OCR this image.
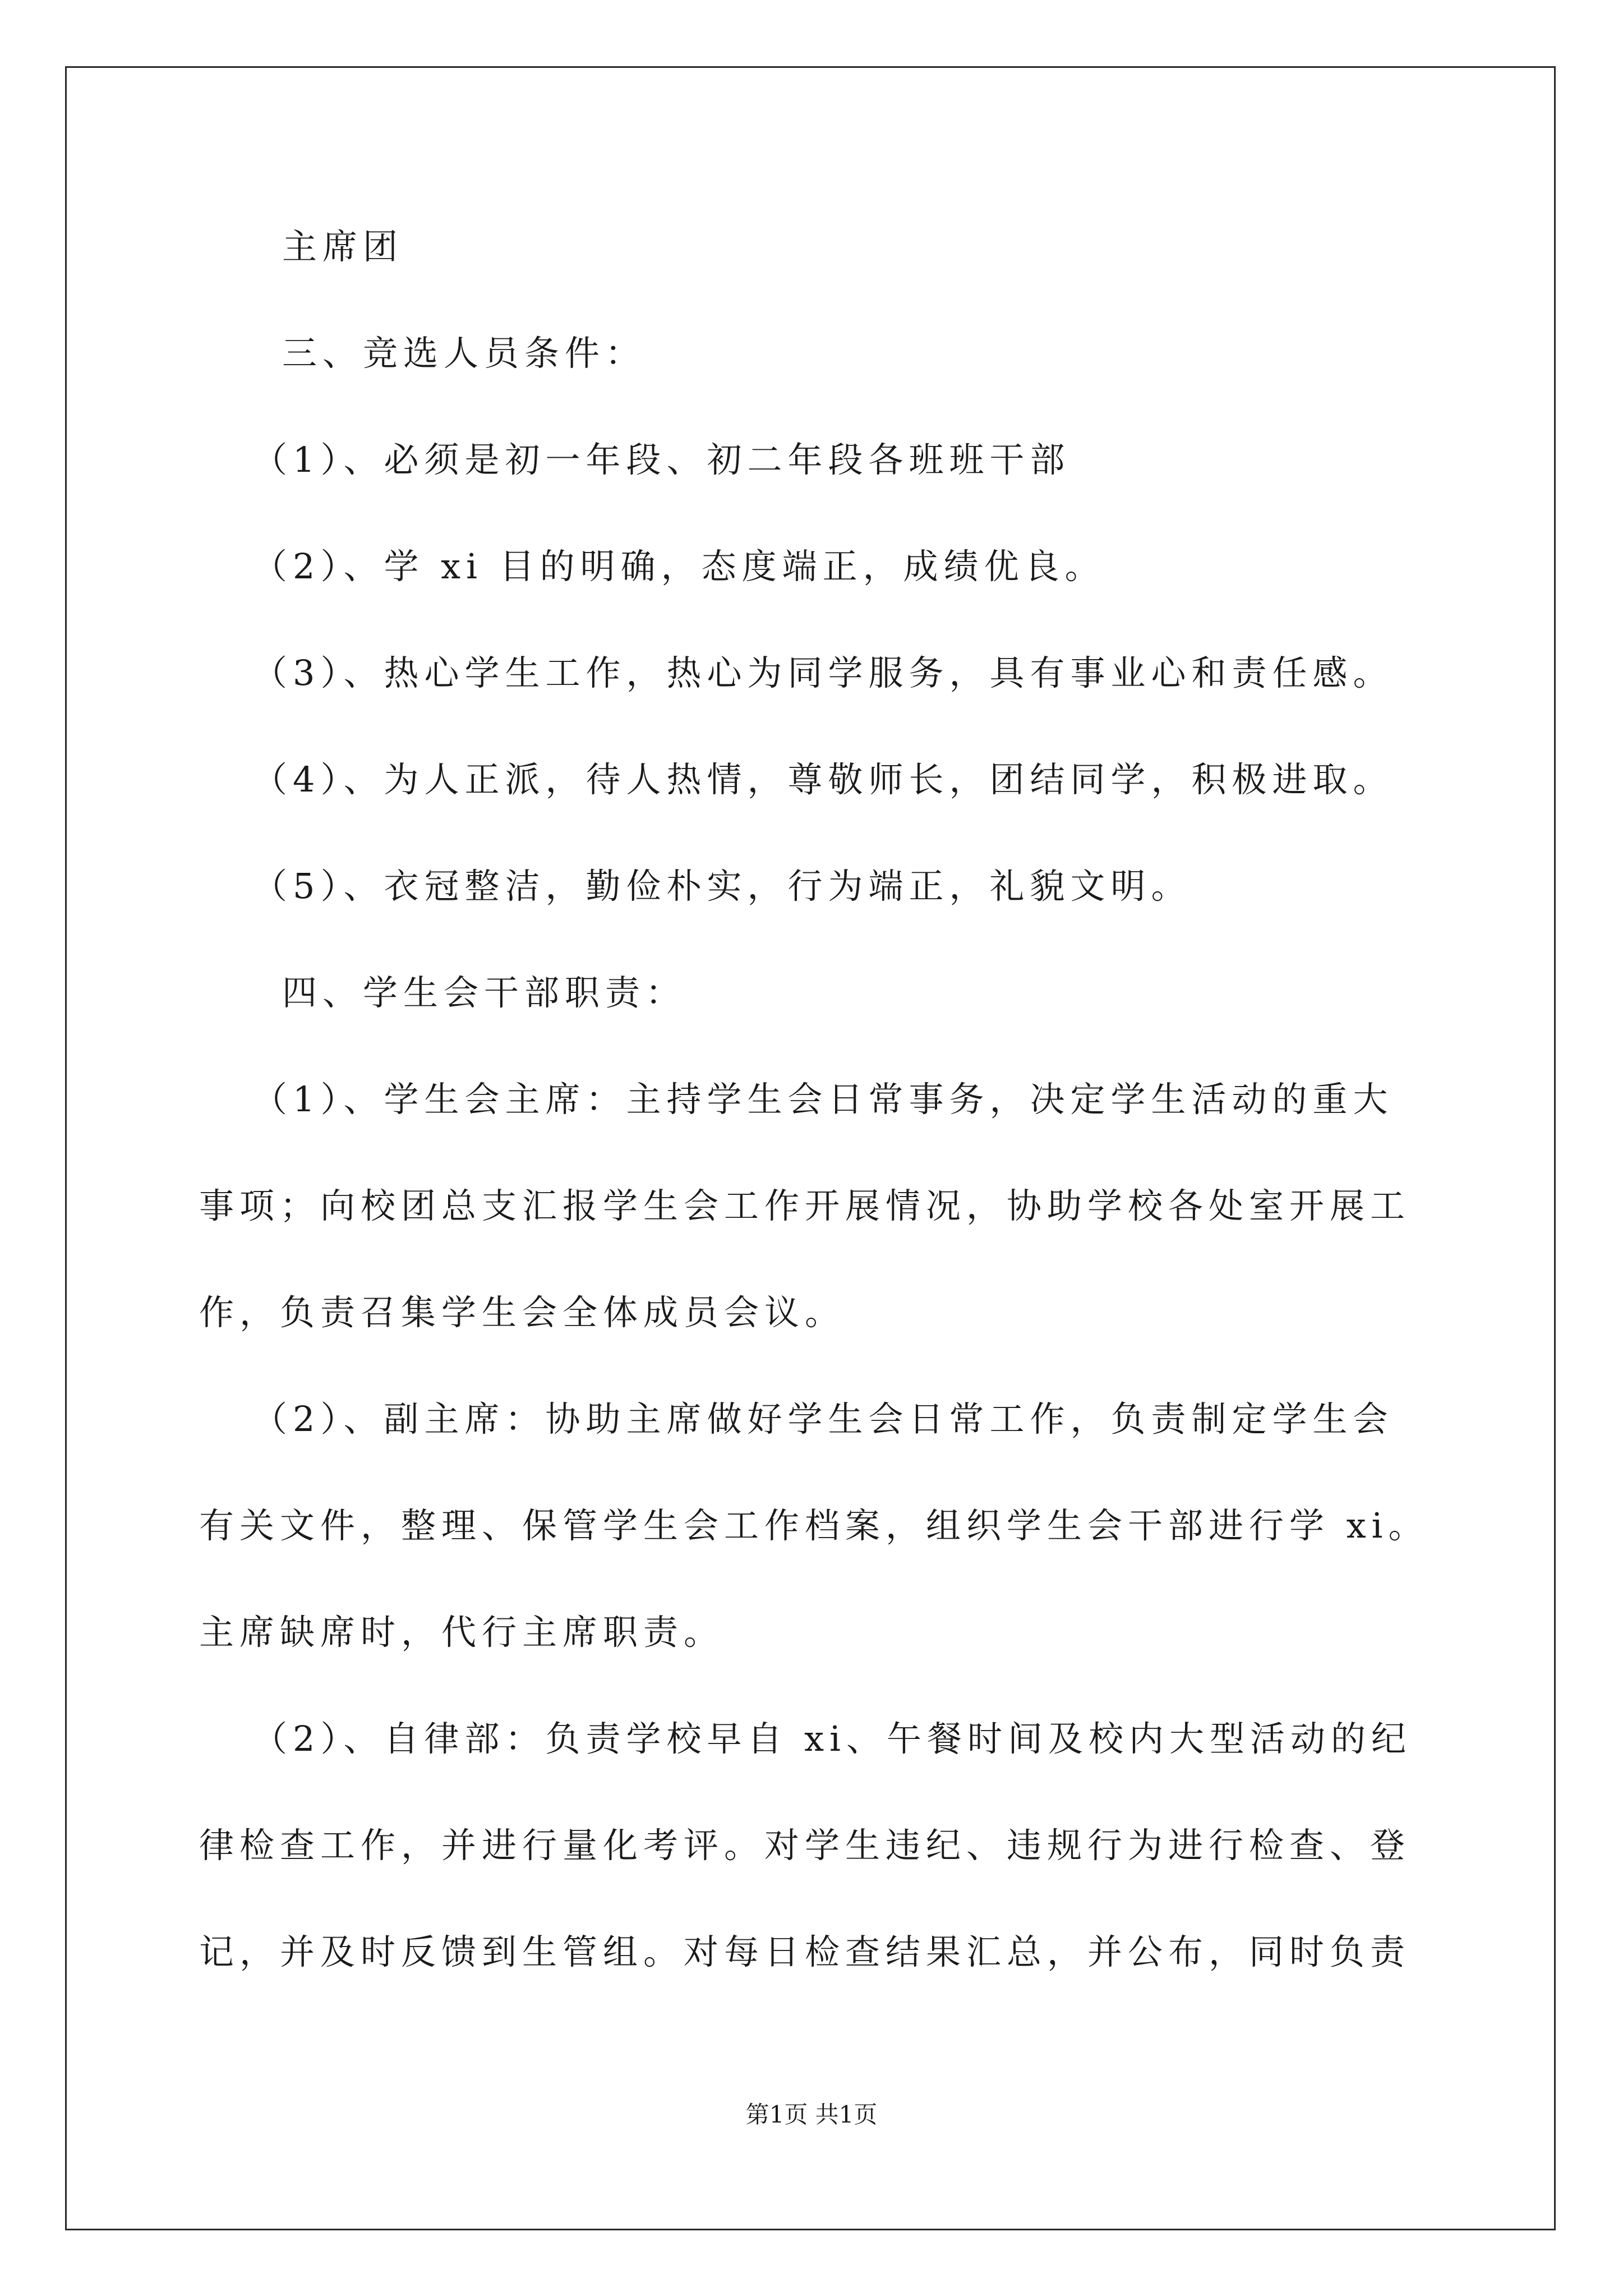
主席团
三、竞选人员条件：
（1）、必须是初一年段、初二年段各班班干部
（2）、学 xi 目的明确，态度端正，成绩优良。
（3）、热心学生工作，热心为同学服务，具有事业心和责任感。
（4）、为人正派，待人热情，尊敬师长，团结同学，积极进取。
（5）、衣冠整洁，勤俭朴实，行为端正，礼貌文明。
四、学生会干部职责：
（1）、学生会主席：主持学生会日常事务，决定学生活动的重大
事项；向校团总支汇报学生会工作开展情况，协助学校各处室开展工
作，负责召集学生会全体成员会议。
（2）、副主席：协助主席做好学生会日常工作，负责制定学生会
有关文件，整理、保管学生会工作档案，组织学生会干部进行学 xi。
主席缺席时，代行主席职责。
（2）、自律部：负责学校早自 xi、午餐时间及校内大型活动的纪
律检查工作，并进行量化考评。对学生违纪、违规行为进行检查、登
记，并及时反馈到生管组。对每日检查结果汇总，并公布，同时负责
第1页 共1页
